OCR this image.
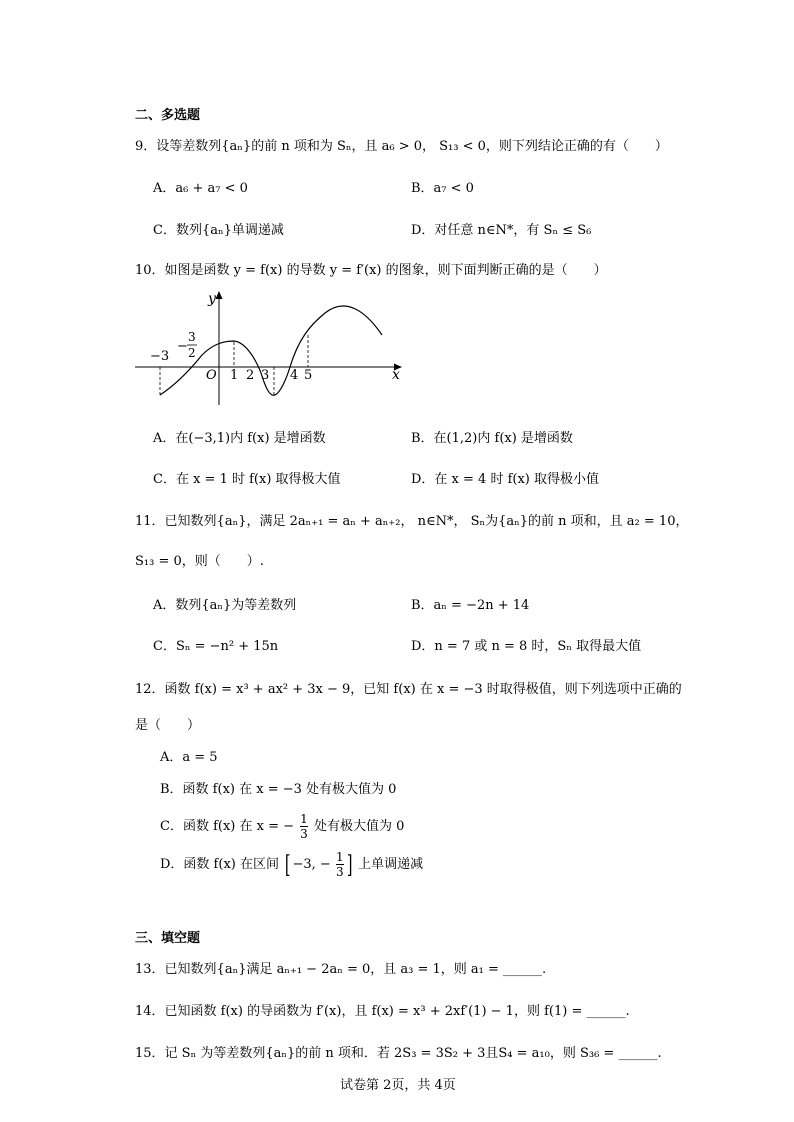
二、多选题
9．设等差数列{aₙ}的前 n 项和为 Sₙ，且 a₆ > 0， S₁₃ < 0，则下列结论正确的有（　　）
A．a₆ + a₇ < 0	B．a₇ < 0
C．数列{aₙ}单调递减	D．对任意 n∈N*，有 Sₙ ≤ S₆
10．如图是函数 y = f(x) 的导数 y = f′(x) 的图象，则下面判断正确的是（　　）
y
x
O
−3
−
3
2
1 2 3 4 5
A．在(−3,1)内 f(x) 是增函数	B．在(1,2)内 f(x) 是增函数
C．在 x = 1 时 f(x) 取得极大值	D．在 x = 4 时 f(x) 取得极小值
11．已知数列{aₙ}，满足 2aₙ₊₁ = aₙ + aₙ₊₂， n∈N*， Sₙ为{aₙ}的前 n 项和，且 a₂ = 10，
S₁₃ = 0，则（　　）.
A．数列{aₙ}为等差数列	B．aₙ = −2n + 14
C．Sₙ = −n² + 15n	D．n = 7 或 n = 8 时，Sₙ 取得最大值
12．函数 f(x) = x³ + ax² + 3x − 9，已知 f(x) 在 x = −3 时取得极值，则下列选项中正确的
是（　　）
A．a = 5
B．函数 f(x) 在 x = −3 处有极大值为 0
C．函数 f(x) 在 x = − $\frac{1}{3}$ 处有极大值为 0
D．函数 f(x) 在区间 [ −3, − $\frac{1}{3}$ ] 上单调递减
三、填空题
13．已知数列{aₙ}满足 aₙ₊₁ − 2aₙ = 0，且 a₃ = 1，则 a₁ = ______.
14．已知函数 f(x) 的导函数为 f′(x)，且 f(x) = x³ + 2xf′(1) − 1，则 f(1) = ______.
15．记 Sₙ 为等差数列{aₙ}的前 n 项和．若 2S₃ = 3S₂ + 3且S₄ = a₁₀，则 S₃₆ = ______.
试卷第 2页，共 4页
